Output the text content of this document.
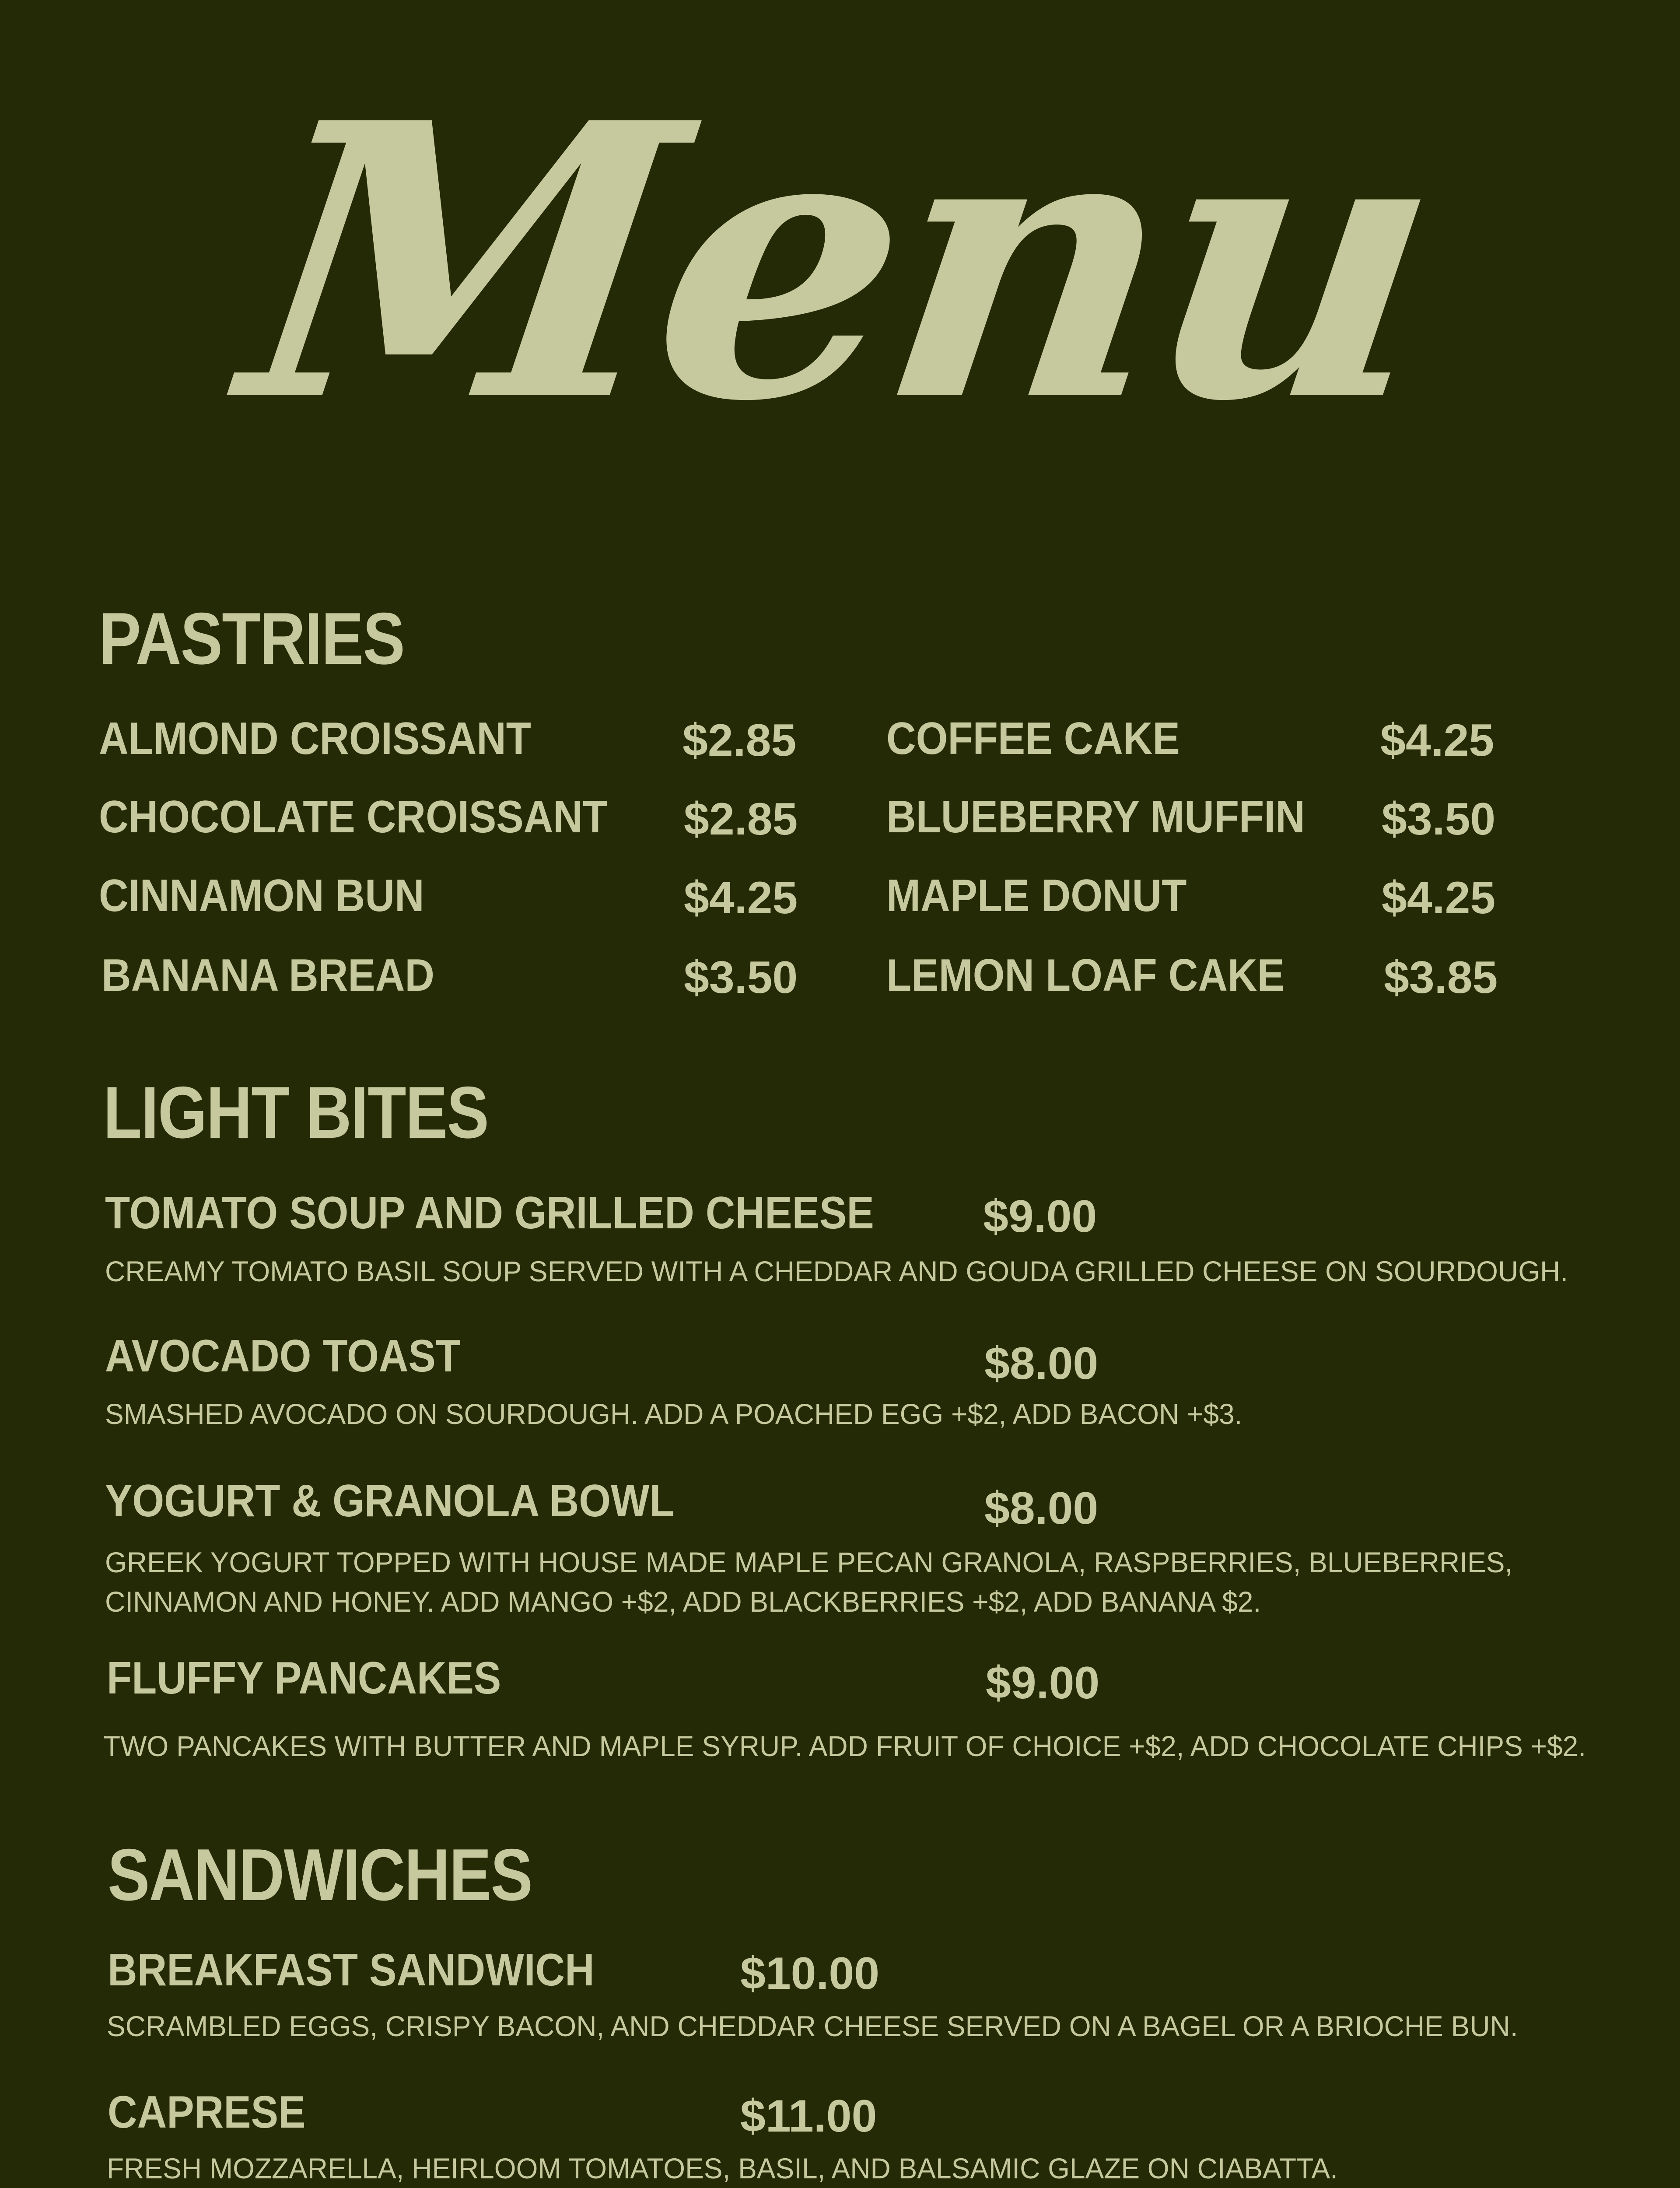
Menu
PASTRIES
ALMOND CROISSANT	$2.85
CHOCOLATE CROISSANT $2.85
CINNAMON BUN	$4.25
BANANA BREAD	$3.50
COFFEE CAKE	$4.25
BLUEBERRY MUFFIN $3.50
MAPLE DONUT	$4.25
LEMON LOAF CAKE $3.85
LIGHT BITES
TOMATO SOUP AND GRILLED CHEESE $9.00
CREAMY TOMATO BASIL SOUP SERVED WITH A CHEDDAR AND GOUDA GRILLED CHEESE ON SOURDOUGH.
AVOCADO TOAST	$8.00
SMASHED AVOCADO ON SOURDOUGH. ADD A POACHED EGG +$2, ADD BACON +$3.
YOGURT & GRANOLA BOWL	$8.00
GREEK YOGURT TOPPED WITH HOUSE MADE MAPLE PECAN GRANOLA, RASPBERRIES, BLUEBERRIES,
CINNAMON AND HONEY. ADD MANGO +$2, ADD BLACKBERRIES +$2, ADD BANANA $2.
FLUFFY PANCAKES	$9.00
TWO PANCAKES WITH BUTTER AND MAPLE SYRUP. ADD FRUIT OF CHOICE +$2, ADD CHOCOLATE CHIPS +$2.
SANDWICHES
BREAKFAST SANDWICH	$10.00
SCRAMBLED EGGS, CRISPY BACON, AND CHEDDAR CHEESE SERVED ON A BAGEL OR A BRIOCHE BUN.
CAPRESE	$11.00
FRESH MOZZARELLA, HEIRLOOM TOMATOES, BASIL, AND BALSAMIC GLAZE ON CIABATTA.
